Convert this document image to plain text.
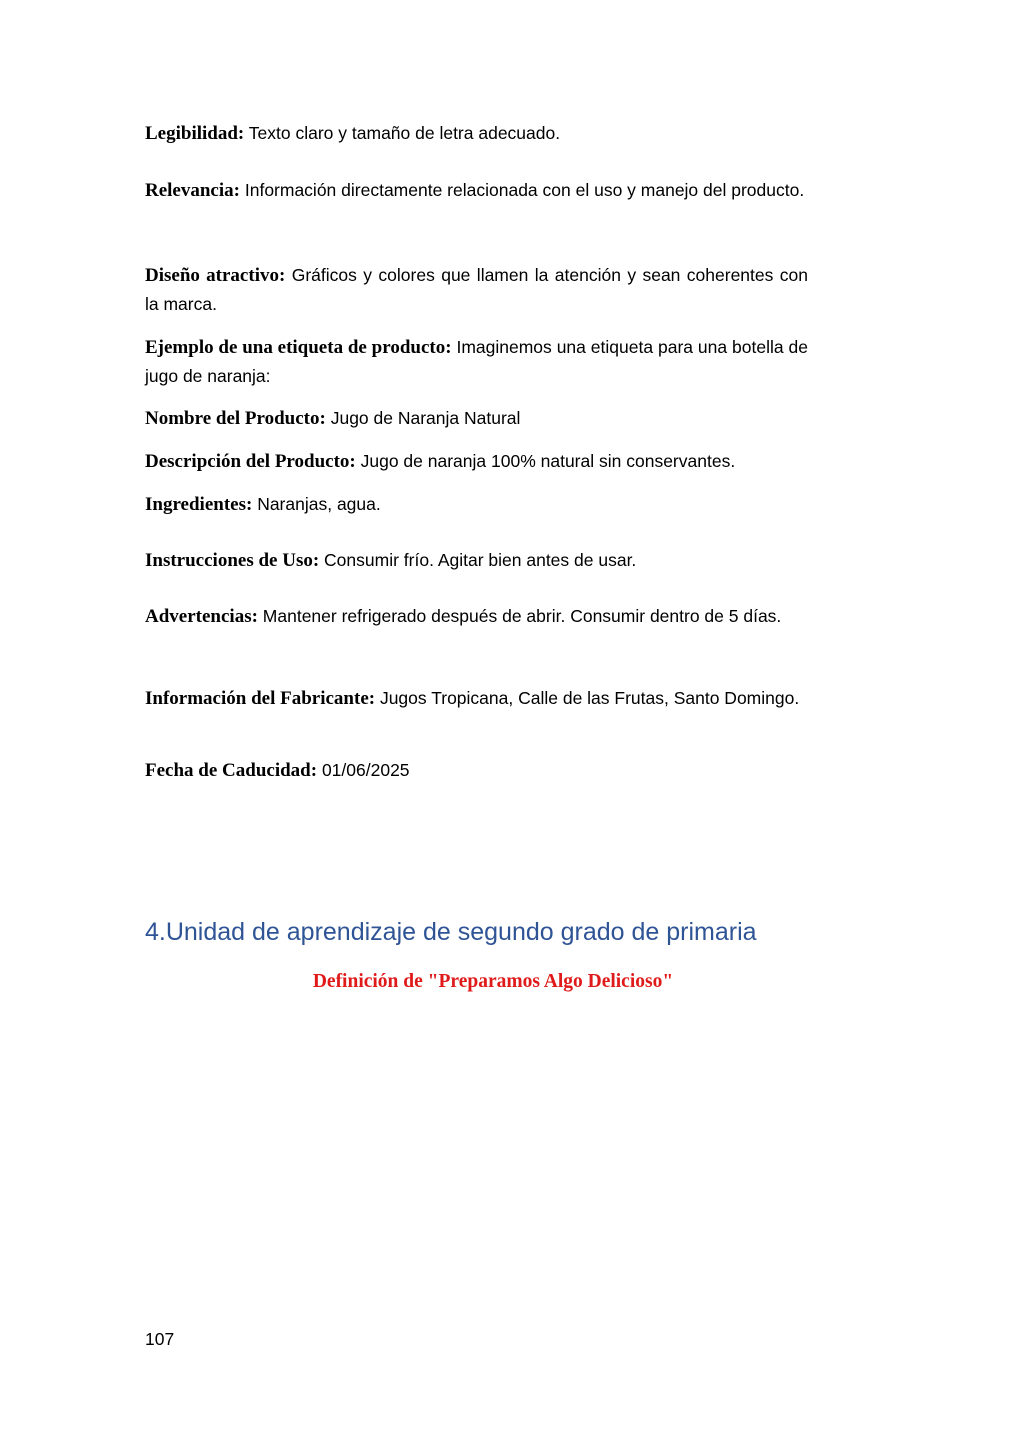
Legibilidad: Texto claro y tamaño de letra adecuado.

Relevancia: Información directamente relacionada con el uso y manejo del producto.

Diseño atractivo: Gráficos y colores que llamen la atención y sean coherentes con la marca.

Ejemplo de una etiqueta de producto: Imaginemos una etiqueta para una botella de jugo de naranja:

Nombre del Producto: Jugo de Naranja Natural

Descripción del Producto: Jugo de naranja 100% natural sin conservantes.

Ingredientes: Naranjas, agua.

Instrucciones de Uso: Consumir frío. Agitar bien antes de usar.

Advertencias: Mantener refrigerado después de abrir. Consumir dentro de 5 días.

Información del Fabricante: Jugos Tropicana, Calle de las Frutas, Santo Domingo.

Fecha de Caducidad: 01/06/2025

4.Unidad de aprendizaje de segundo grado de primaria
Definición de "Preparamos Algo Delicioso"
107
